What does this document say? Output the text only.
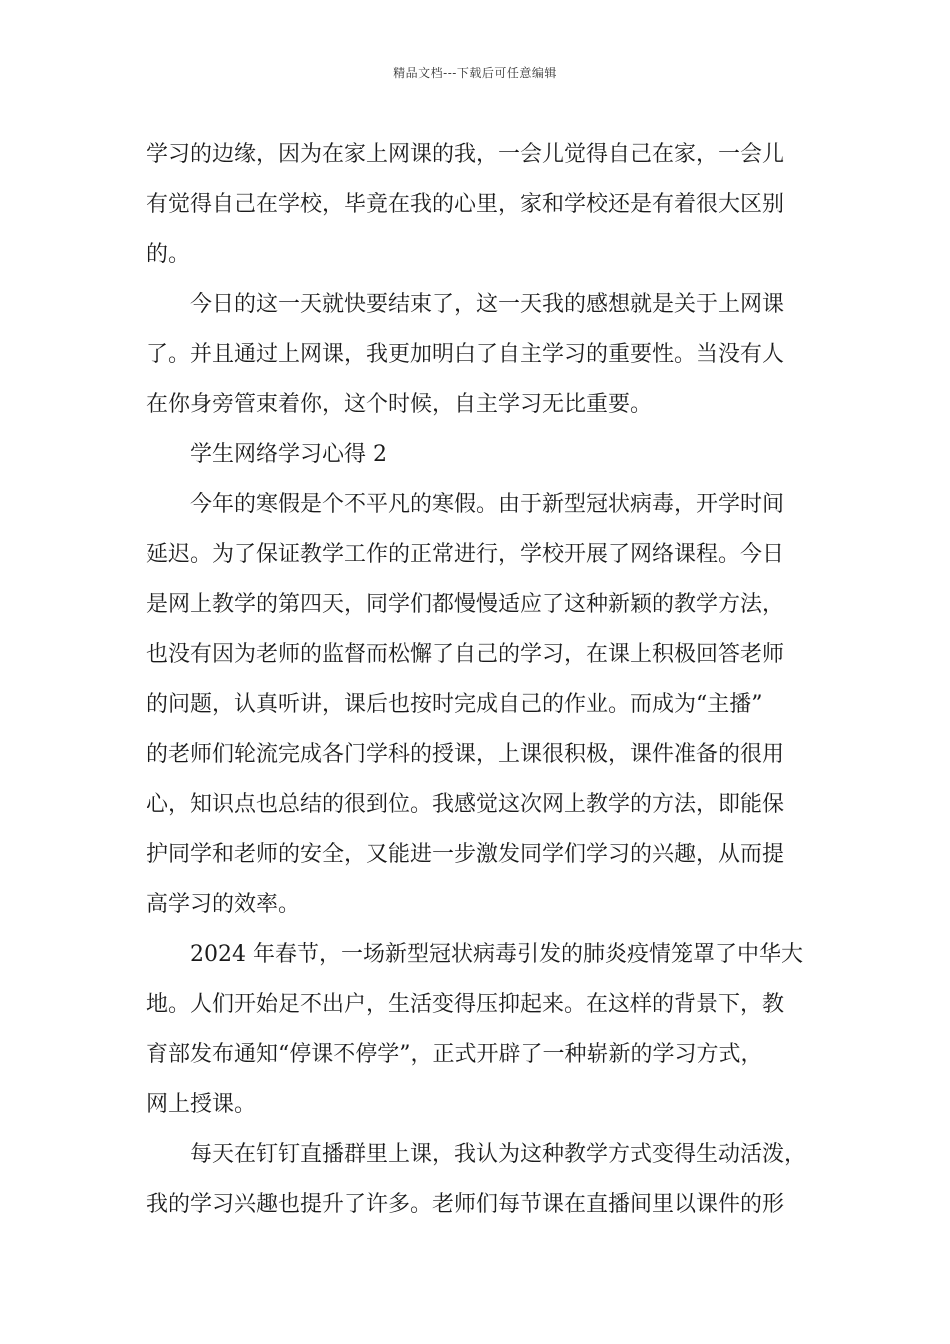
精品文档---下载后可任意编辑
学习的边缘，因为在家上网课的我，一会儿觉得自己在家，一会儿
有觉得自己在学校，毕竟在我的心里，家和学校还是有着很大区别
的。
今日的这一天就快要结束了，这一天我的感想就是关于上网课
了。并且通过上网课，我更加明白了自主学习的重要性。当没有人
在你身旁管束着你，这个时候，自主学习无比重要。
学生网络学习心得 2
今年的寒假是个不平凡的寒假。由于新型冠状病毒，开学时间
延迟。为了保证教学工作的正常进行，学校开展了网络课程。今日
是网上教学的第四天，同学们都慢慢适应了这种新颖的教学方法，
也没有因为老师的监督而松懈了自己的学习，在课上积极回答老师
的问题，认真听讲，课后也按时完成自己的作业。而成为“主播”
的老师们轮流完成各门学科的授课，上课很积极，课件准备的很用
心，知识点也总结的很到位。我感觉这次网上教学的方法，即能保
护同学和老师的安全，又能进一步激发同学们学习的兴趣，从而提
高学习的效率。
2024 年春节，一场新型冠状病毒引发的肺炎疫情笼罩了中华大
地。人们开始足不出户，生活变得压抑起来。在这样的背景下，教
育部发布通知“停课不停学”，正式开辟了一种崭新的学习方式，
网上授课。
每天在钉钉直播群里上课，我认为这种教学方式变得生动活泼，
我的学习兴趣也提升了许多。老师们每节课在直播间里以课件的形
